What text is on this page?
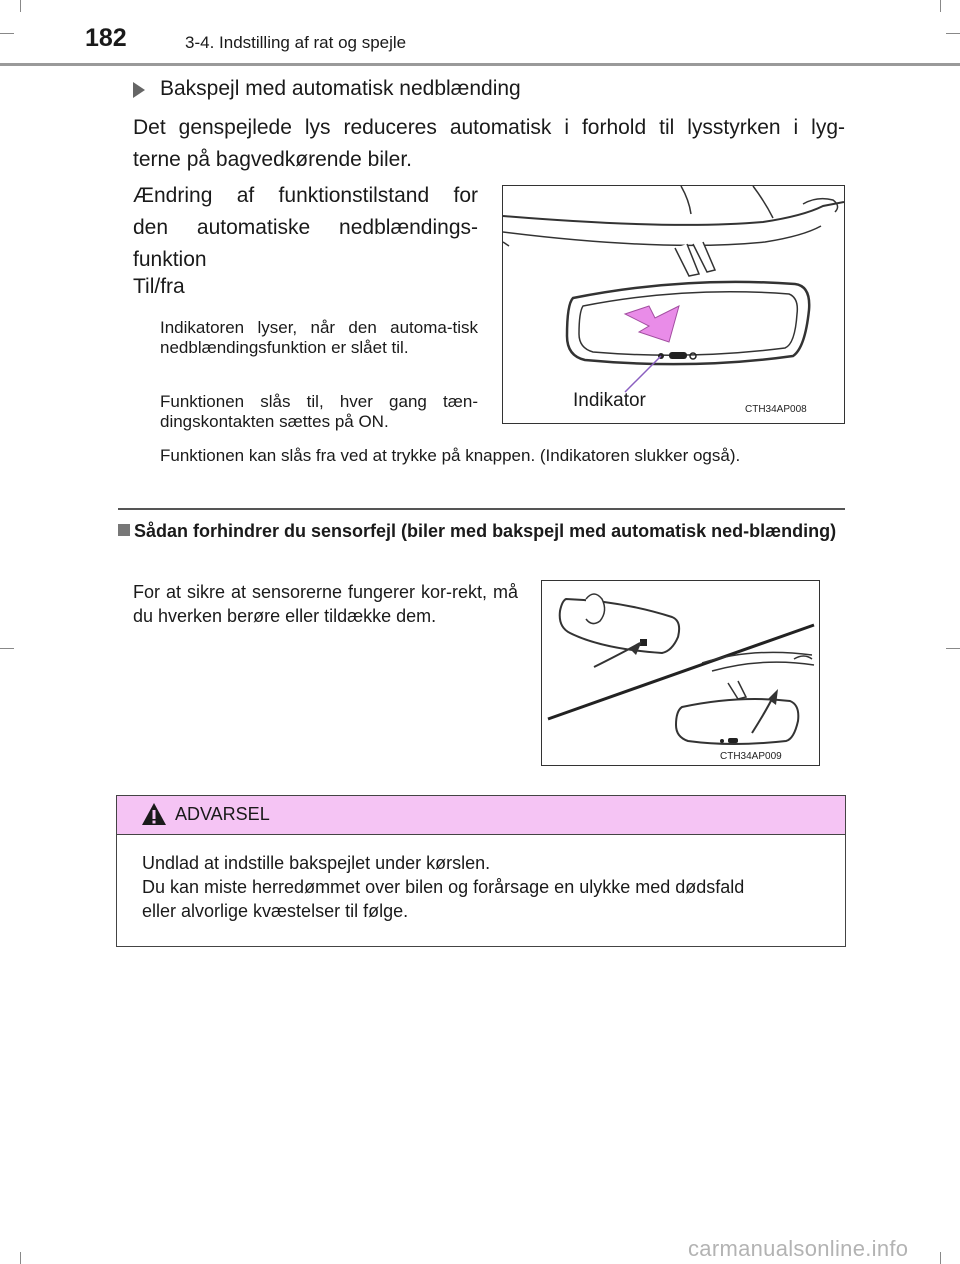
182	3-4. Indstilling af rat og spejle
Bakspejl med automatisk nedblænding
Det genspejlede lys reduceres automatisk i forhold til lysstyrken i lyg-
terne på bagvedkørende biler.
Ændring af funktionstilstand for
den automatiske nedblændings-
funktion
Til/fra
Indikatoren lyser, når den automa-tisk nedblændingsfunktion er slået til.
Funktionen slås til, hver gang tæn-dingskontakten sættes på ON.
Funktionen kan slås fra ved at trykke på knappen. (Indikatoren slukker også).
Indikator	CTH34AP008
Sådan forhindrer du sensorfejl (biler med bakspejl med automatisk ned-blænding)
For at sikre at sensorerne fungerer kor-rekt, må du hverken berøre eller tildække dem.
CTH34AP009
ADVARSEL
Undlad at indstille bakspejlet under kørslen.
Du kan miste herredømmet over bilen og forårsage en ulykke med dødsfald
eller alvorlige kvæstelser til følge.
carmanualsonline.info
